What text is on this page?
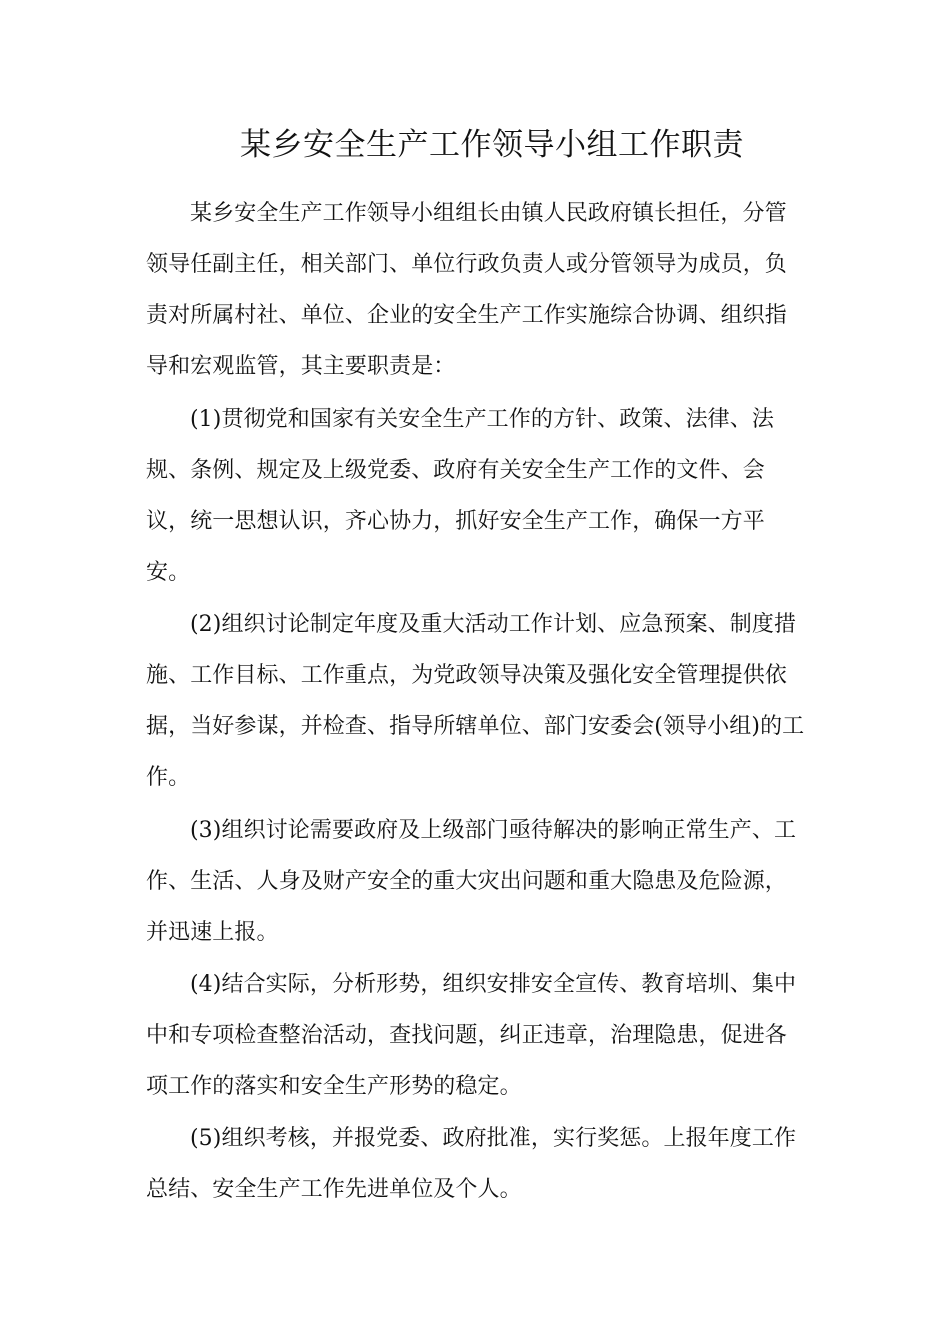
某乡安全生产工作领导小组工作职责
某乡安全生产工作领导小组组长由镇人民政府镇长担任，分管
领导任副主任，相关部门、单位行政负责人或分管领导为成员，负
责对所属村社、单位、企业的安全生产工作实施综合协调、组织指
导和宏观监管，其主要职责是：
(1)贯彻党和国家有关安全生产工作的方针、政策、法律、法
规、条例、规定及上级党委、政府有关安全生产工作的文件、会
议，统一思想认识，齐心协力，抓好安全生产工作，确保一方平
安。
(2)组织讨论制定年度及重大活动工作计划、应急预案、制度措
施、工作目标、工作重点，为党政领导决策及强化安全管理提供依
据，当好参谋，并检查、指导所辖单位、部门安委会(领导小组)的工
作。
(3)组织讨论需要政府及上级部门亟待解决的影响正常生产、工
作、生活、人身及财产安全的重大灾出问题和重大隐患及危险源，
并迅速上报。
(4)结合实际，分析形势，组织安排安全宣传、教育培圳、集中
中和专项检查整治活动，查找问题，纠正违章，治理隐患，促进各
项工作的落实和安全生产形势的稳定。
(5)组织考核，并报党委、政府批准，实行奖惩。上报年度工作
总结、安全生产工作先进单位及个人。
